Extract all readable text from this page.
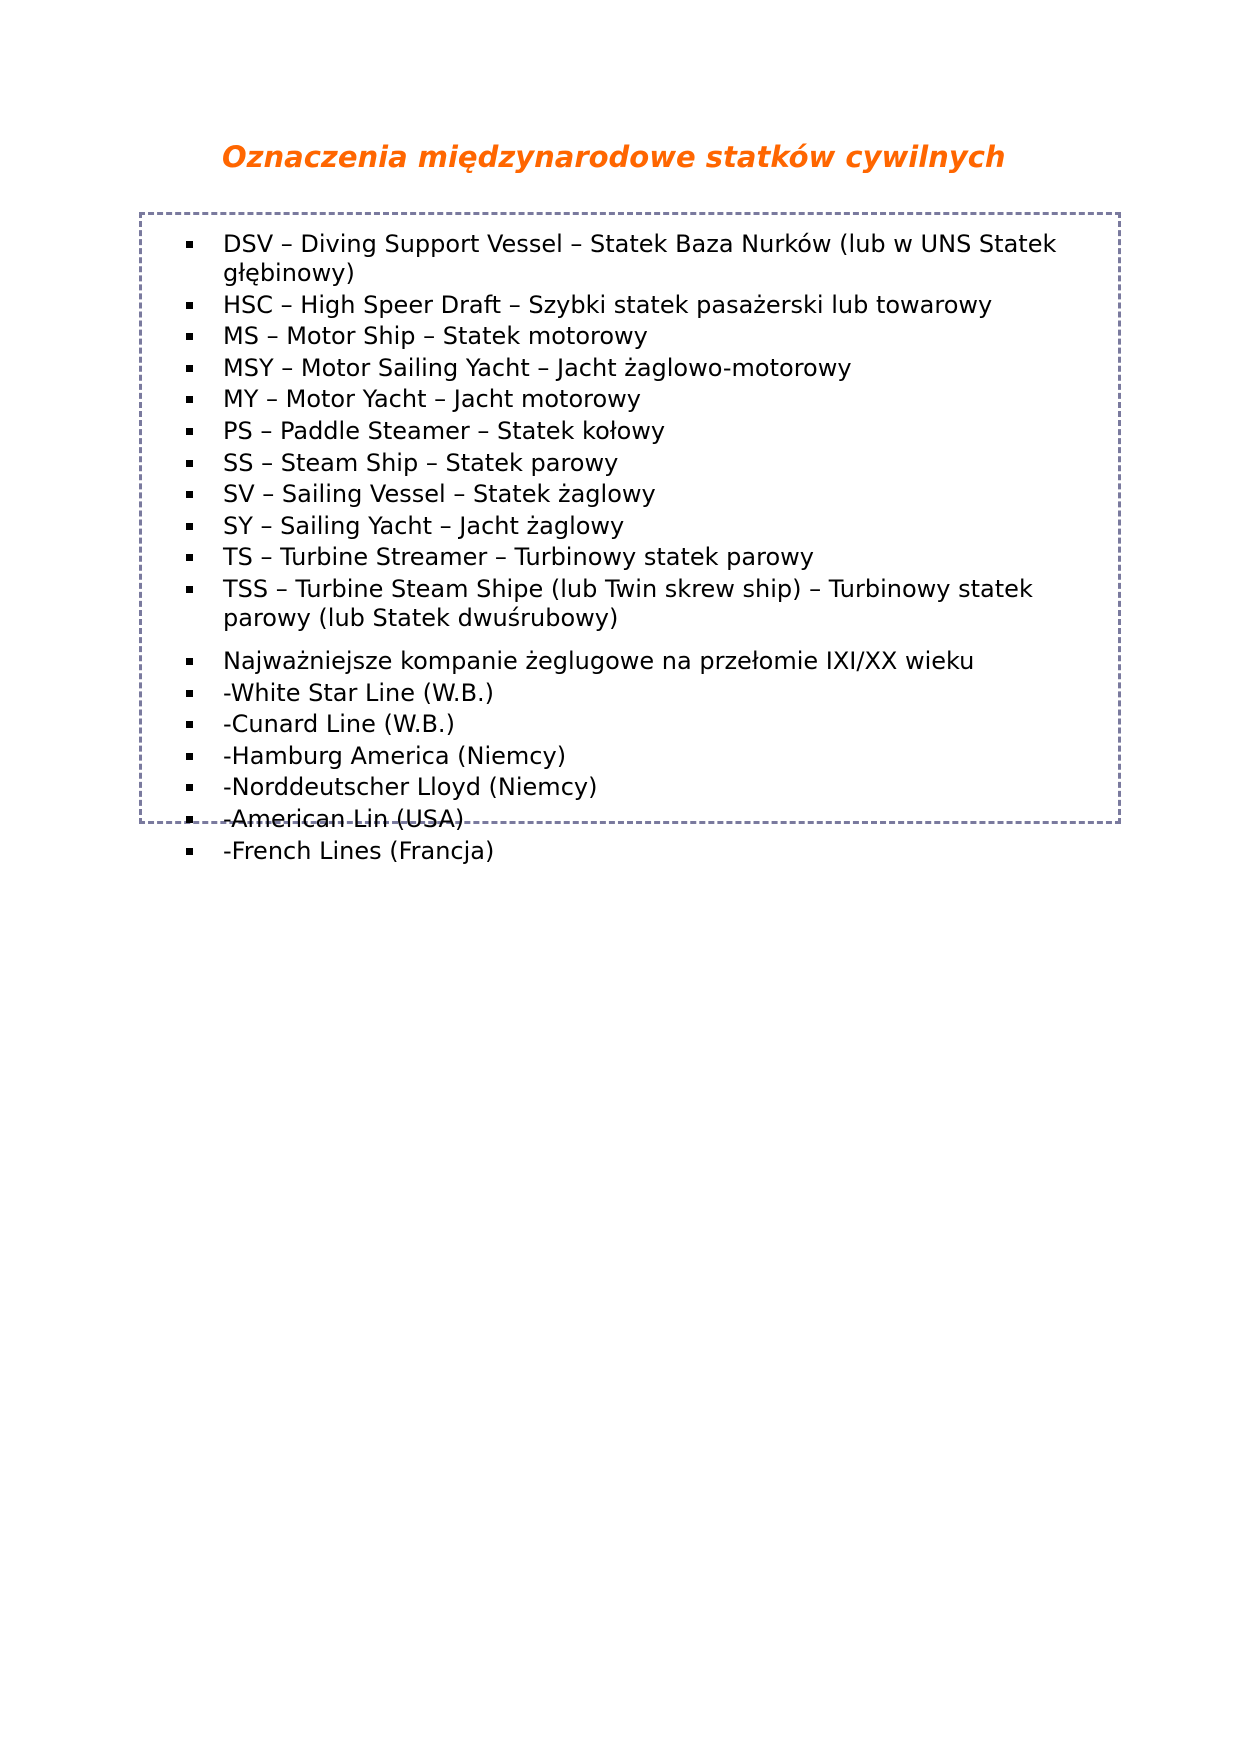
Oznaczenia międzynarodowe statków cywilnych
DSV – Diving Support Vessel – Statek Baza Nurków (lub w UNS Statek głębinowy)
HSC – High Speer Draft – Szybki statek pasażerski lub towarowy
MS – Motor Ship – Statek motorowy
MSY – Motor Sailing Yacht – Jacht żaglowo-motorowy
MY – Motor Yacht – Jacht motorowy
PS – Paddle Steamer – Statek kołowy
SS – Steam Ship – Statek parowy
SV – Sailing Vessel – Statek żaglowy
SY – Sailing Yacht – Jacht żaglowy
TS – Turbine Streamer – Turbinowy statek parowy
TSS – Turbine Steam Shipe (lub Twin skrew ship) – Turbinowy statek parowy (lub Statek dwuśrubowy)
Najważniejsze kompanie żeglugowe na przełomie IXI/XX wieku
-White Star Line (W.B.)
-Cunard Line (W.B.)
-Hamburg America (Niemcy)
-Norddeutscher Lloyd (Niemcy)
-American Lin (USA)
-French Lines (Francja)
